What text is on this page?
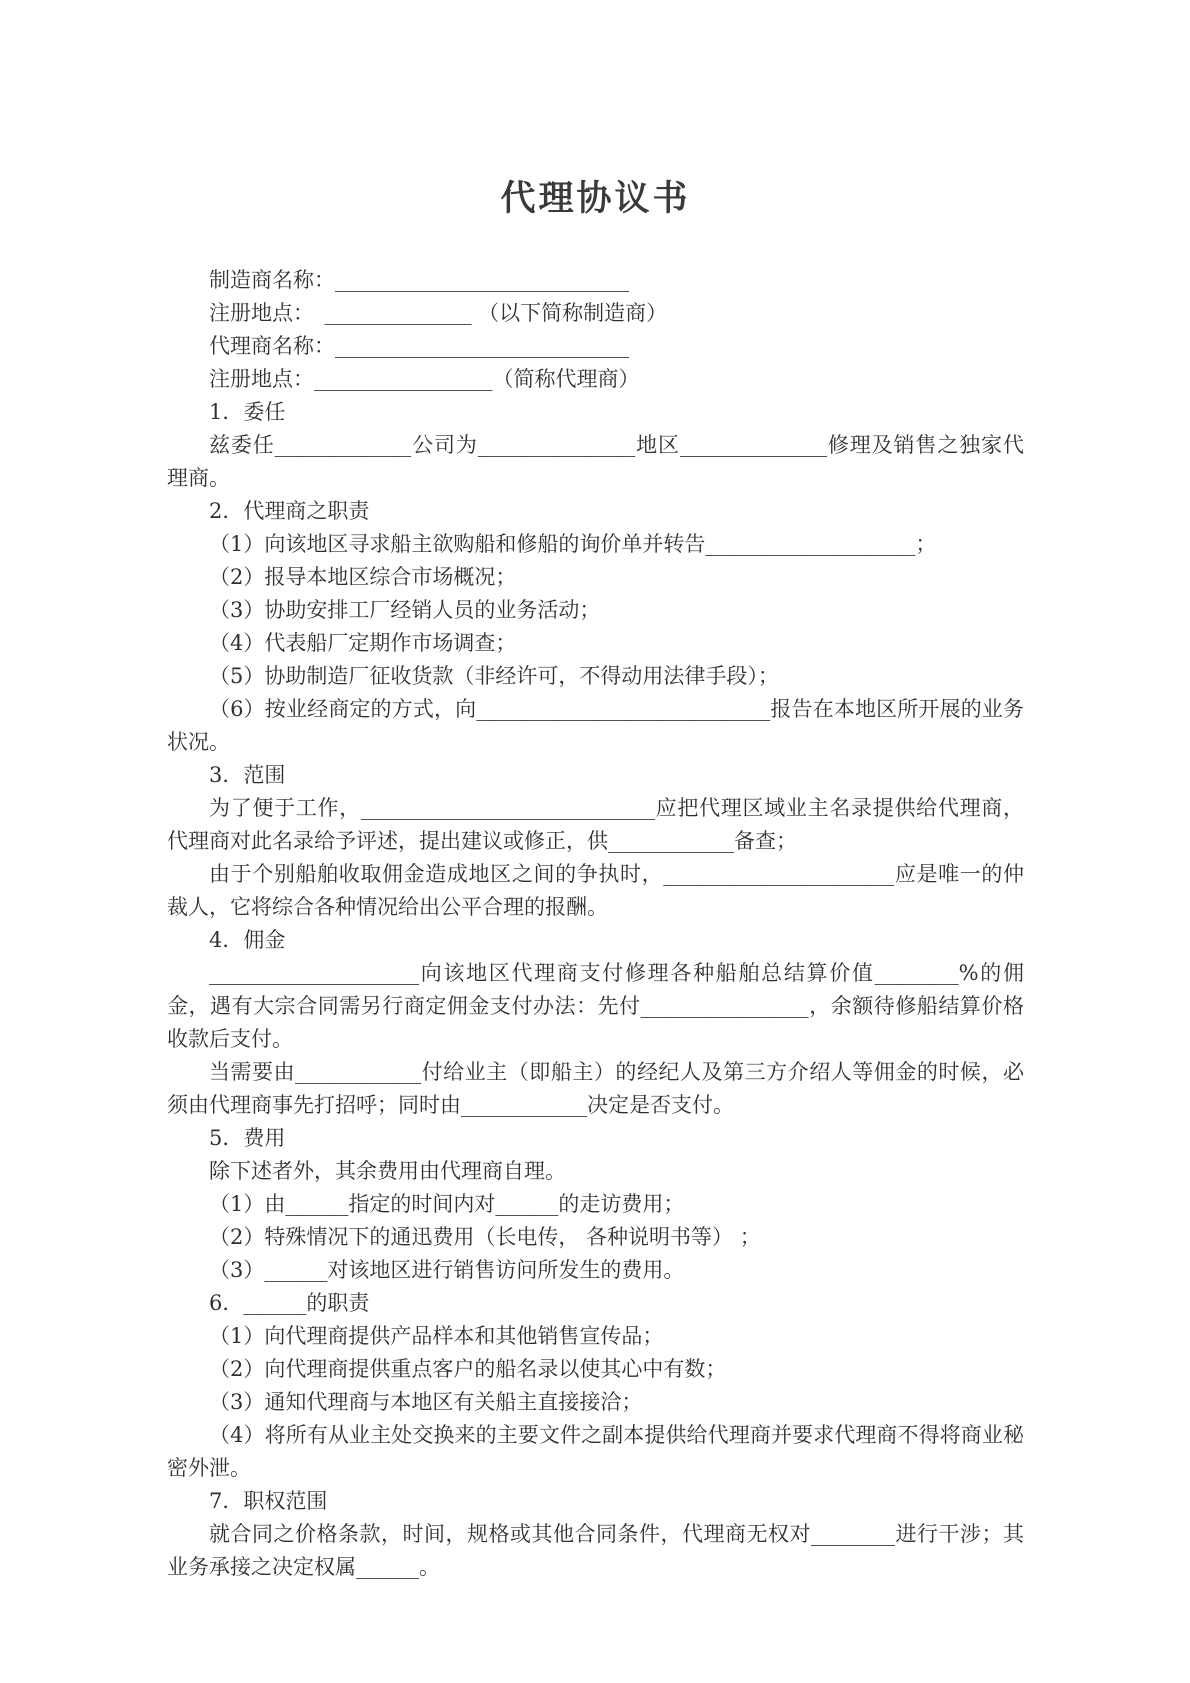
代理协议书

制造商名称：____________________________

注册地点：　______________ （以下简称制造商）

代理商名称：____________________________

注册地点：_________________（简称代理商）

1．委任

兹委任_____________公司为_______________地区______________修理及销售之独家代理商。

2．代理商之职责

（1）向该地区寻求船主欲购船和修船的询价单并转告____________________；

（2）报导本地区综合市场概况；

（3）协助安排工厂经销人员的业务活动；

（4）代表船厂定期作市场调查；

（5）协助制造厂征收货款（非经许可，不得动用法律手段）；

（6）按业经商定的方式，向____________________________报告在本地区所开展的业务状况。

3．范围

为了便于工作，____________________________应把代理区域业主名录提供给代理商，代理商对此名录给予评述，提出建议或修正，供____________备查；

由于个别船舶收取佣金造成地区之间的争执时，______________________应是唯一的仲裁人，它将综合各种情况给出公平合理的报酬。

4．佣金

____________________向该地区代理商支付修理各种船舶总结算价值________%的佣金，遇有大宗合同需另行商定佣金支付办法：先付________________，余额待修船结算价格收款后支付。

当需要由____________付给业主（即船主）的经纪人及第三方介绍人等佣金的时候，必须由代理商事先打招呼；同时由____________决定是否支付。

5．费用

除下述者外，其余费用由代理商自理。

（1）由______指定的时间内对______的走访费用；

（2）特殊情况下的通迅费用（长电传， 各种说明书等） ；

（3）______对该地区进行销售访问所发生的费用。

6．______的职责

（1）向代理商提供产品样本和其他销售宣传品；

（2）向代理商提供重点客户的船名录以使其心中有数；

（3）通知代理商与本地区有关船主直接接洽；

（4）将所有从业主处交换来的主要文件之副本提供给代理商并要求代理商不得将商业秘密外泄。

7．职权范围

就合同之价格条款，时间，规格或其他合同条件，代理商无权对________进行干涉；其业务承接之决定权属______。
